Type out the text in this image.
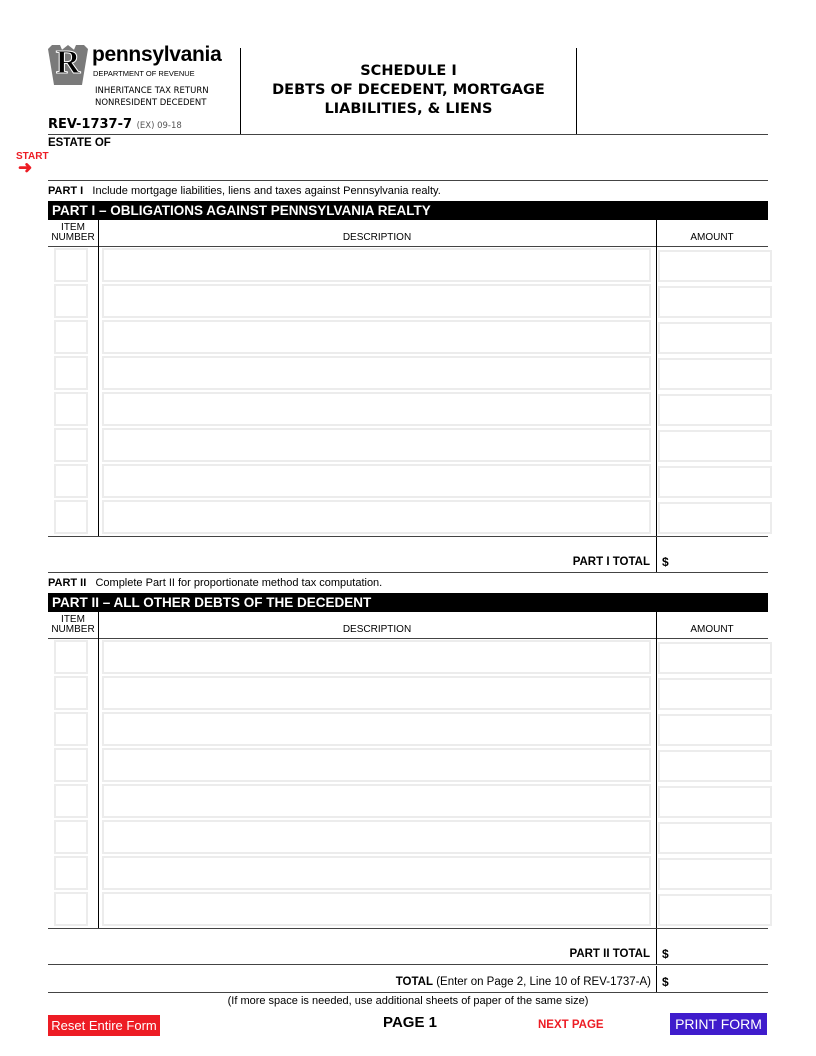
R pennsylvania
DEPARTMENT OF REVENUE
INHERITANCE TAX RETURN
NONRESIDENT DECEDENT
REV-1737-7 (EX) 09-18
SCHEDULE I
DEBTS OF DECEDENT, MORTGAGE
LIABILITIES, & LIENS
ESTATE OF
START
➜
PART I Include mortgage liabilities, liens and taxes against Pennsylvania realty.
PART I – OBLIGATIONS AGAINST PENNSYLVANIA REALTY
ITEM
NUMBER	DESCRIPTION	AMOUNT
PART I TOTAL $
PART II Complete Part II for proportionate method tax computation.
PART II – ALL OTHER DEBTS OF THE DECEDENT
ITEM
NUMBER	DESCRIPTION	AMOUNT
PART II TOTAL $
TOTAL (Enter on Page 2, Line 10 of REV-1737-A) $
(If more space is needed, use additional sheets of paper of the same size)
Reset Entire Form	PAGE 1	NEXT PAGE	PRINT FORM
